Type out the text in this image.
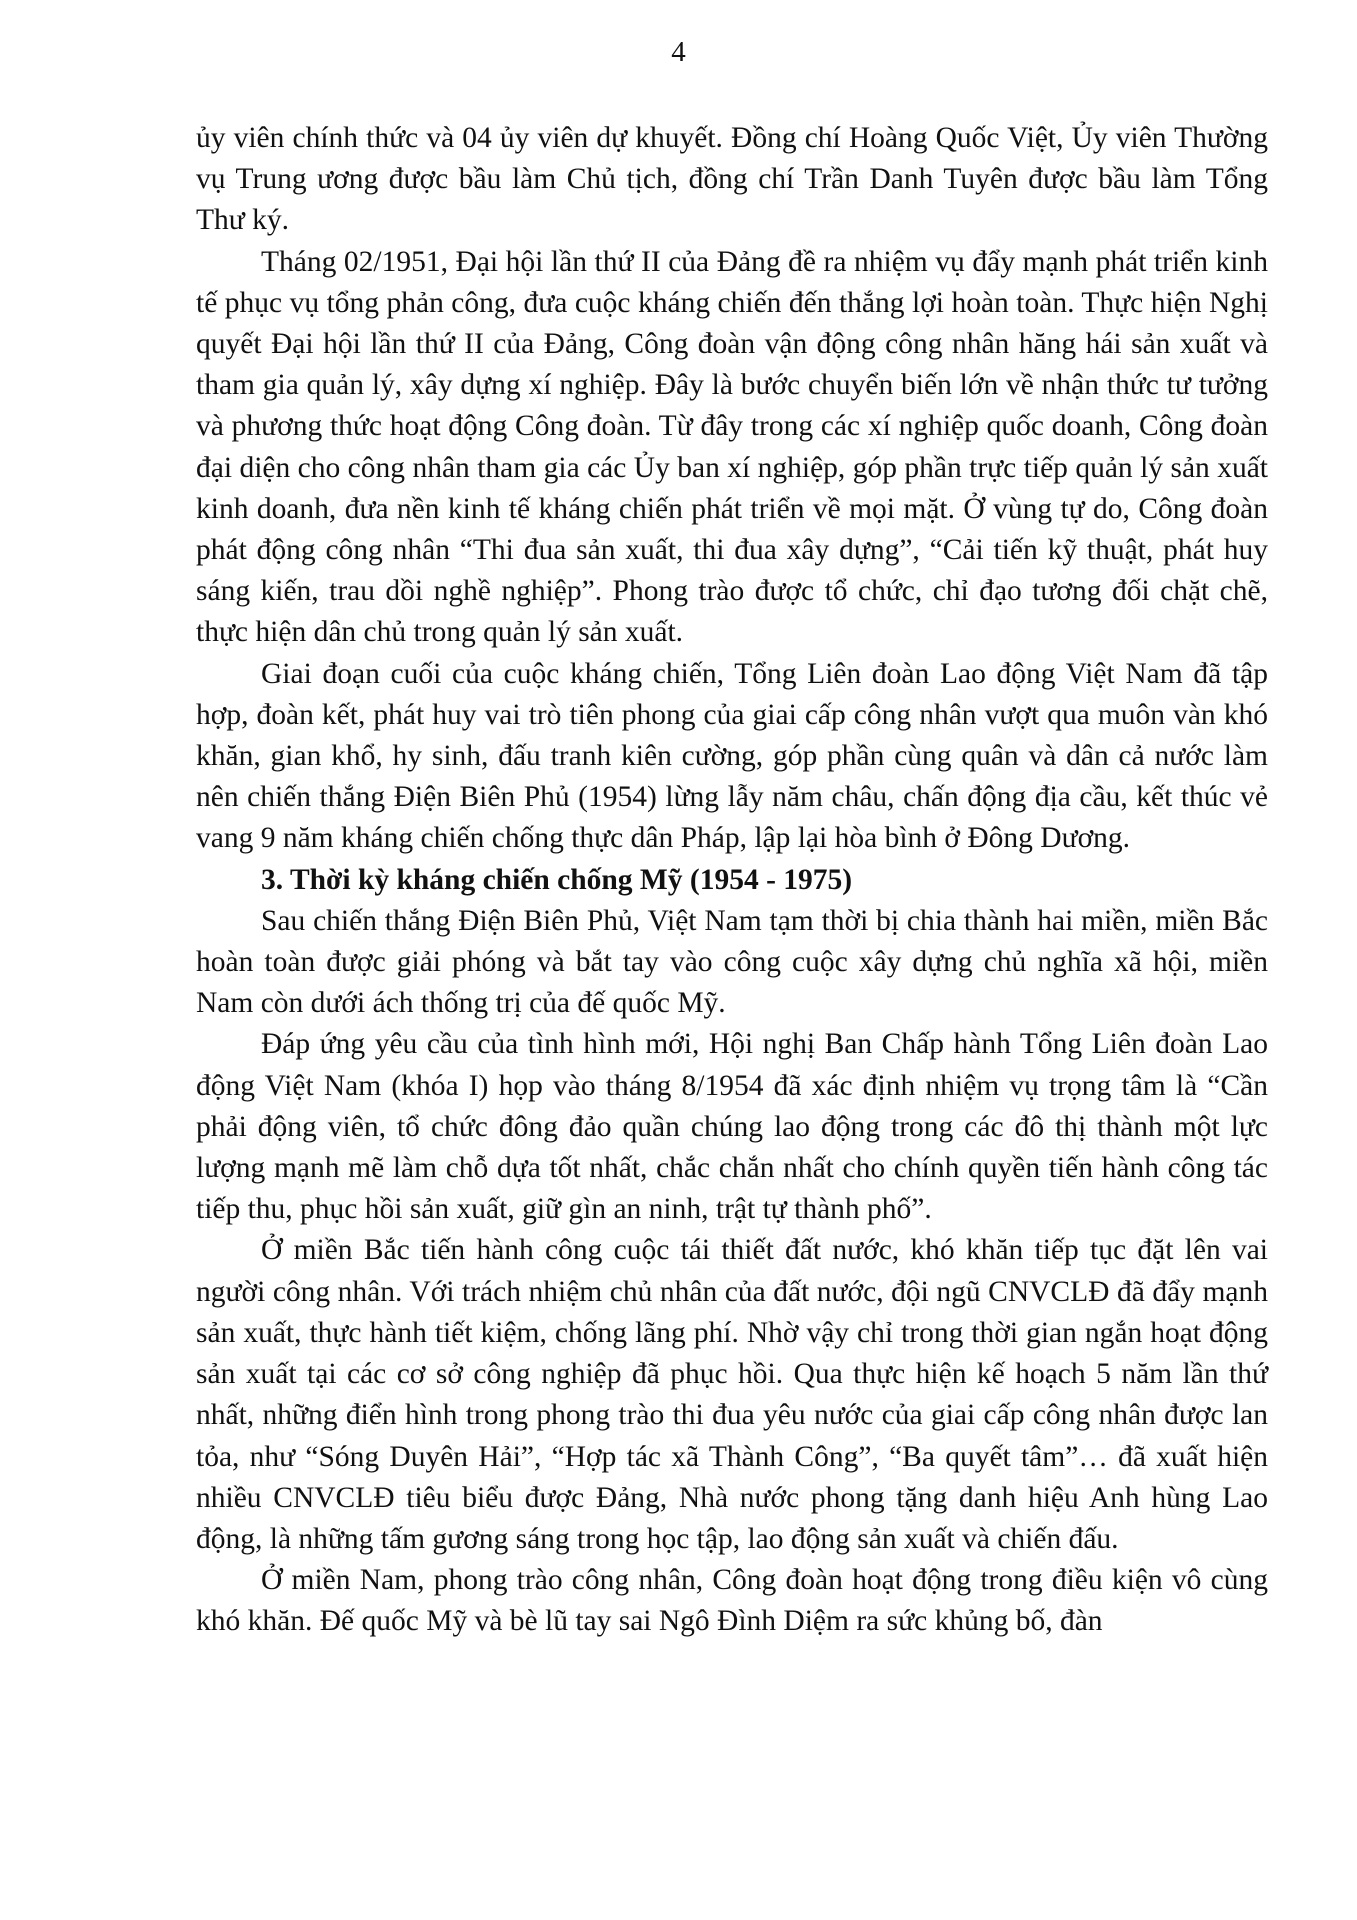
4

ủy viên chính thức và 04 ủy viên dự khuyết. Đồng chí Hoàng Quốc Việt, Ủy viên Thường vụ Trung ương được bầu làm Chủ tịch, đồng chí Trần Danh Tuyên được bầu làm Tổng Thư ký.

Tháng 02/1951, Đại hội lần thứ II của Đảng đề ra nhiệm vụ đẩy mạnh phát triển kinh tế phục vụ tổng phản công, đưa cuộc kháng chiến đến thắng lợi hoàn toàn. Thực hiện Nghị quyết Đại hội lần thứ II của Đảng, Công đoàn vận động công nhân hăng hái sản xuất và tham gia quản lý, xây dựng xí nghiệp. Đây là bước chuyển biến lớn về nhận thức tư tưởng và phương thức hoạt động Công đoàn. Từ đây trong các xí nghiệp quốc doanh, Công đoàn đại diện cho công nhân tham gia các Ủy ban xí nghiệp, góp phần trực tiếp quản lý sản xuất kinh doanh, đưa nền kinh tế kháng chiến phát triển về mọi mặt. Ở vùng tự do, Công đoàn phát động công nhân “Thi đua sản xuất, thi đua xây dựng”, “Cải tiến kỹ thuật, phát huy sáng kiến, trau dồi nghề nghiệp”. Phong trào được tổ chức, chỉ đạo tương đối chặt chẽ, thực hiện dân chủ trong quản lý sản xuất.

Giai đoạn cuối của cuộc kháng chiến, Tổng Liên đoàn Lao động Việt Nam đã tập hợp, đoàn kết, phát huy vai trò tiên phong của giai cấp công nhân vượt qua muôn vàn khó khăn, gian khổ, hy sinh, đấu tranh kiên cường, góp phần cùng quân và dân cả nước làm nên chiến thắng Điện Biên Phủ (1954) lừng lẫy năm châu, chấn động địa cầu, kết thúc vẻ vang 9 năm kháng chiến chống thực dân Pháp, lập lại hòa bình ở Đông Dương.

3. Thời kỳ kháng chiến chống Mỹ (1954 - 1975)

Sau chiến thắng Điện Biên Phủ, Việt Nam tạm thời bị chia thành hai miền, miền Bắc hoàn toàn được giải phóng và bắt tay vào công cuộc xây dựng chủ nghĩa xã hội, miền Nam còn dưới ách thống trị của đế quốc Mỹ.

Đáp ứng yêu cầu của tình hình mới, Hội nghị Ban Chấp hành Tổng Liên đoàn Lao động Việt Nam (khóa I) họp vào tháng 8/1954 đã xác định nhiệm vụ trọng tâm là “Cần phải động viên, tổ chức đông đảo quần chúng lao động trong các đô thị thành một lực lượng mạnh mẽ làm chỗ dựa tốt nhất, chắc chắn nhất cho chính quyền tiến hành công tác tiếp thu, phục hồi sản xuất, giữ gìn an ninh, trật tự thành phố”.

Ở miền Bắc tiến hành công cuộc tái thiết đất nước, khó khăn tiếp tục đặt lên vai người công nhân. Với trách nhiệm chủ nhân của đất nước, đội ngũ CNVCLĐ đã đẩy mạnh sản xuất, thực hành tiết kiệm, chống lãng phí. Nhờ vậy chỉ trong thời gian ngắn hoạt động sản xuất tại các cơ sở công nghiệp đã phục hồi. Qua thực hiện kế hoạch 5 năm lần thứ nhất, những điển hình trong phong trào thi đua yêu nước của giai cấp công nhân được lan tỏa, như “Sóng Duyên Hải”, “Hợp tác xã Thành Công”, “Ba quyết tâm”… đã xuất hiện nhiều CNVCLĐ tiêu biểu được Đảng, Nhà nước phong tặng danh hiệu Anh hùng Lao động, là những tấm gương sáng trong học tập, lao động sản xuất và chiến đấu.

Ở miền Nam, phong trào công nhân, Công đoàn hoạt động trong điều kiện vô cùng khó khăn. Đế quốc Mỹ và bè lũ tay sai Ngô Đình Diệm ra sức khủng bố, đàn
